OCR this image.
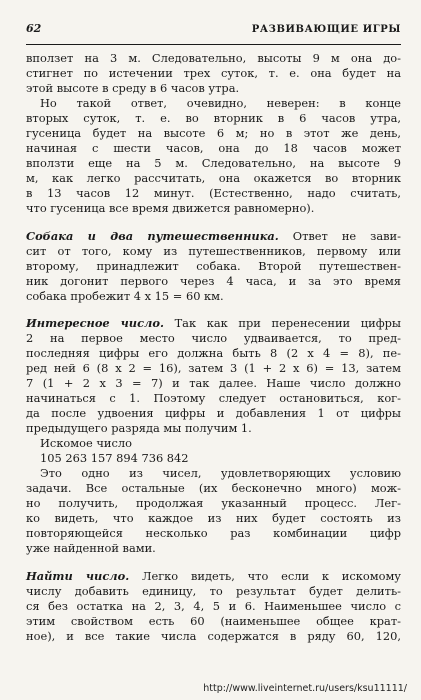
62	РАЗВИВАЮЩИЕ ИГРЫ
вползет на 3 м. Следовательно, высоты 9 м она до-
стигнет по истечении трех суток, т. е. она будет на
этой высоте в среду в 6 часов утра.
Но такой ответ, очевидно, неверен: в конце
вторых суток, т. е. во вторник в 6 часов утра,
гусеница будет на высоте 6 м; но в этот же день,
начиная с шести часов, она до 18 часов может
вползти еще на 5 м. Следовательно, на высоте 9
м, как легко рассчитать, она окажется во вторник
в 13 часов 12 минут. (Естественно, надо считать,
что гусеница все время движется равномерно).
Собака и два путешественника. Ответ не зави-
сит от того, кому из путешественников, первому или
второму, принадлежит собака. Второй путешествен-
ник догонит первого через 4 часа, и за это время
собака пробежит 4 х 15 = 60 км.
Интересное число. Так как при перенесении цифры
2 на первое место число удваивается, то пред-
последняя цифры его должна быть 8 (2 х 4 = 8), пе-
ред ней 6 (8 х 2 = 16), затем 3 (1 + 2 х 6) = 13, затем
7 (1 + 2 х 3 = 7) и так далее. Наше число должно
начинаться с 1. Поэтому следует остановиться, ког-
да после удвоения цифры и добавления 1 от цифры
предыдущего разряда мы получим 1.
Искомое число
105 263 157 894 736 842
Это одно из чисел, удовлетворяющих условию
задачи. Все остальные (их бесконечно много) мож-
но получить, продолжая указанный процесс. Лег-
ко видеть, что каждое из них будет состоять из
повторяющейся несколько раз комбинации цифр
уже найденной вами.
Найти число. Легко видеть, что если к искомому
числу добавить единицу, то результат будет делить-
ся без остатка на 2, 3, 4, 5 и 6. Наименьшее число с
этим свойством есть 60 (наименьшее общее крат-
ное), и все такие числа содержатся в ряду 60, 120,
http://www.liveinternet.ru/users/ksu11111/
